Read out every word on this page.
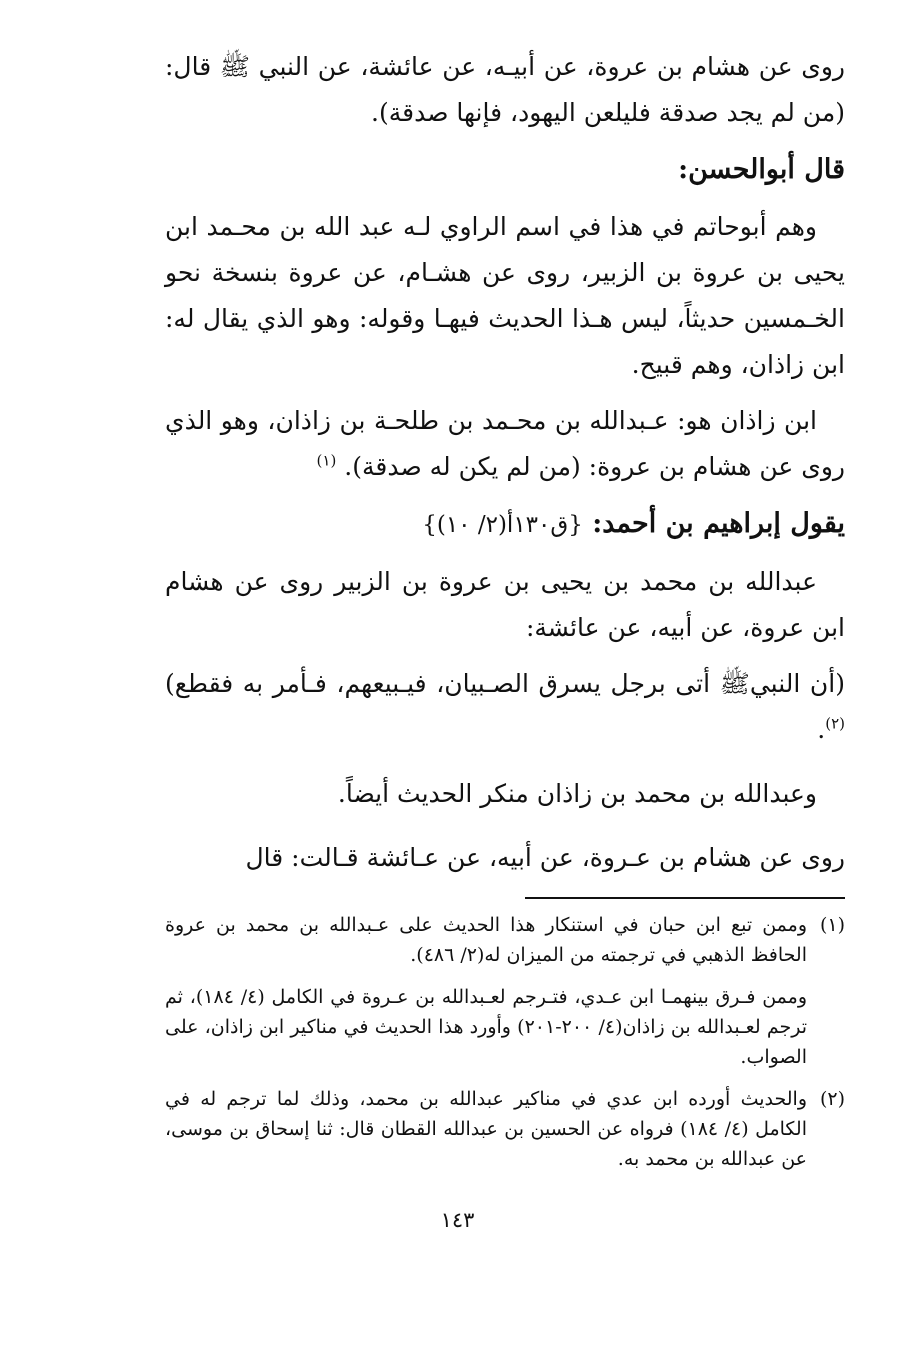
روى عن هشام بن عروة، عن أبيـه، عن عائشة، عن النبي ﷺ قال: (من لم يجد صدقة فليلعن اليهود، فإنها صدقة).

قال أبوالحسن:

وهم أبوحاتم في هذا في اسم الراوي لـه عبد الله بن محـمد ابن يحيى بن عروة بن الزبير، روى عن هشـام، عن عروة بنسخة نحو الخـمسين حديثاً، ليس هـذا الحديث فيهـا وقوله: وهو الذي يقال له: ابن زاذان، وهم قبيح.

ابن زاذان هو: عـبدالله بن محـمد بن طلحـة بن زاذان، وهو الذي روى عن هشام بن عروة: (من لم يكن له صدقة). $^{(١)}$

يقول إبراهيم بن أحمد: {ق١٣٠أ(٢/ ١٠)}

عبدالله بن محمد بن يحيى بن عروة بن الزبير روى عن هشام ابن عروة، عن أبيه، عن عائشة:

(أن النبيﷺ أتى برجل يسرق الصـبيان، فيـبيعهم، فـأمر به فقطع)$^{(٢)}$.

وعبدالله بن محمد بن زاذان منكر الحديث أيضاً.

روى عن هشام بن عـروة، عن أبيه، عن عـائشة قـالت: قال

(١)
وممن تبع ابن حبان في استنكار هذا الحديث على عـبدالله بن محمد بن عروة الحافظ الذهبي في ترجمته من الميزان له(٢/ ٤٨٦).

وممن فـرق بينهمـا ابن عـدي، فتـرجم لعـبدالله بن عـروة في الكامل (٤/ ١٨٤)، ثم ترجم لعـبدالله بن زاذان(٤/ ٢٠٠-٢٠١) وأورد هذا الحديث في مناكير ابن زاذان، على الصواب.

(٢)
والحديث أورده ابن عدي في مناكير عبدالله بن محمد، وذلك لما ترجم له في الكامل (٤/ ١٨٤) فرواه عن الحسين بن عبدالله القطان قال: ثنا إسحاق بن موسى، عن عبدالله بن محمد به.
١٤٣
